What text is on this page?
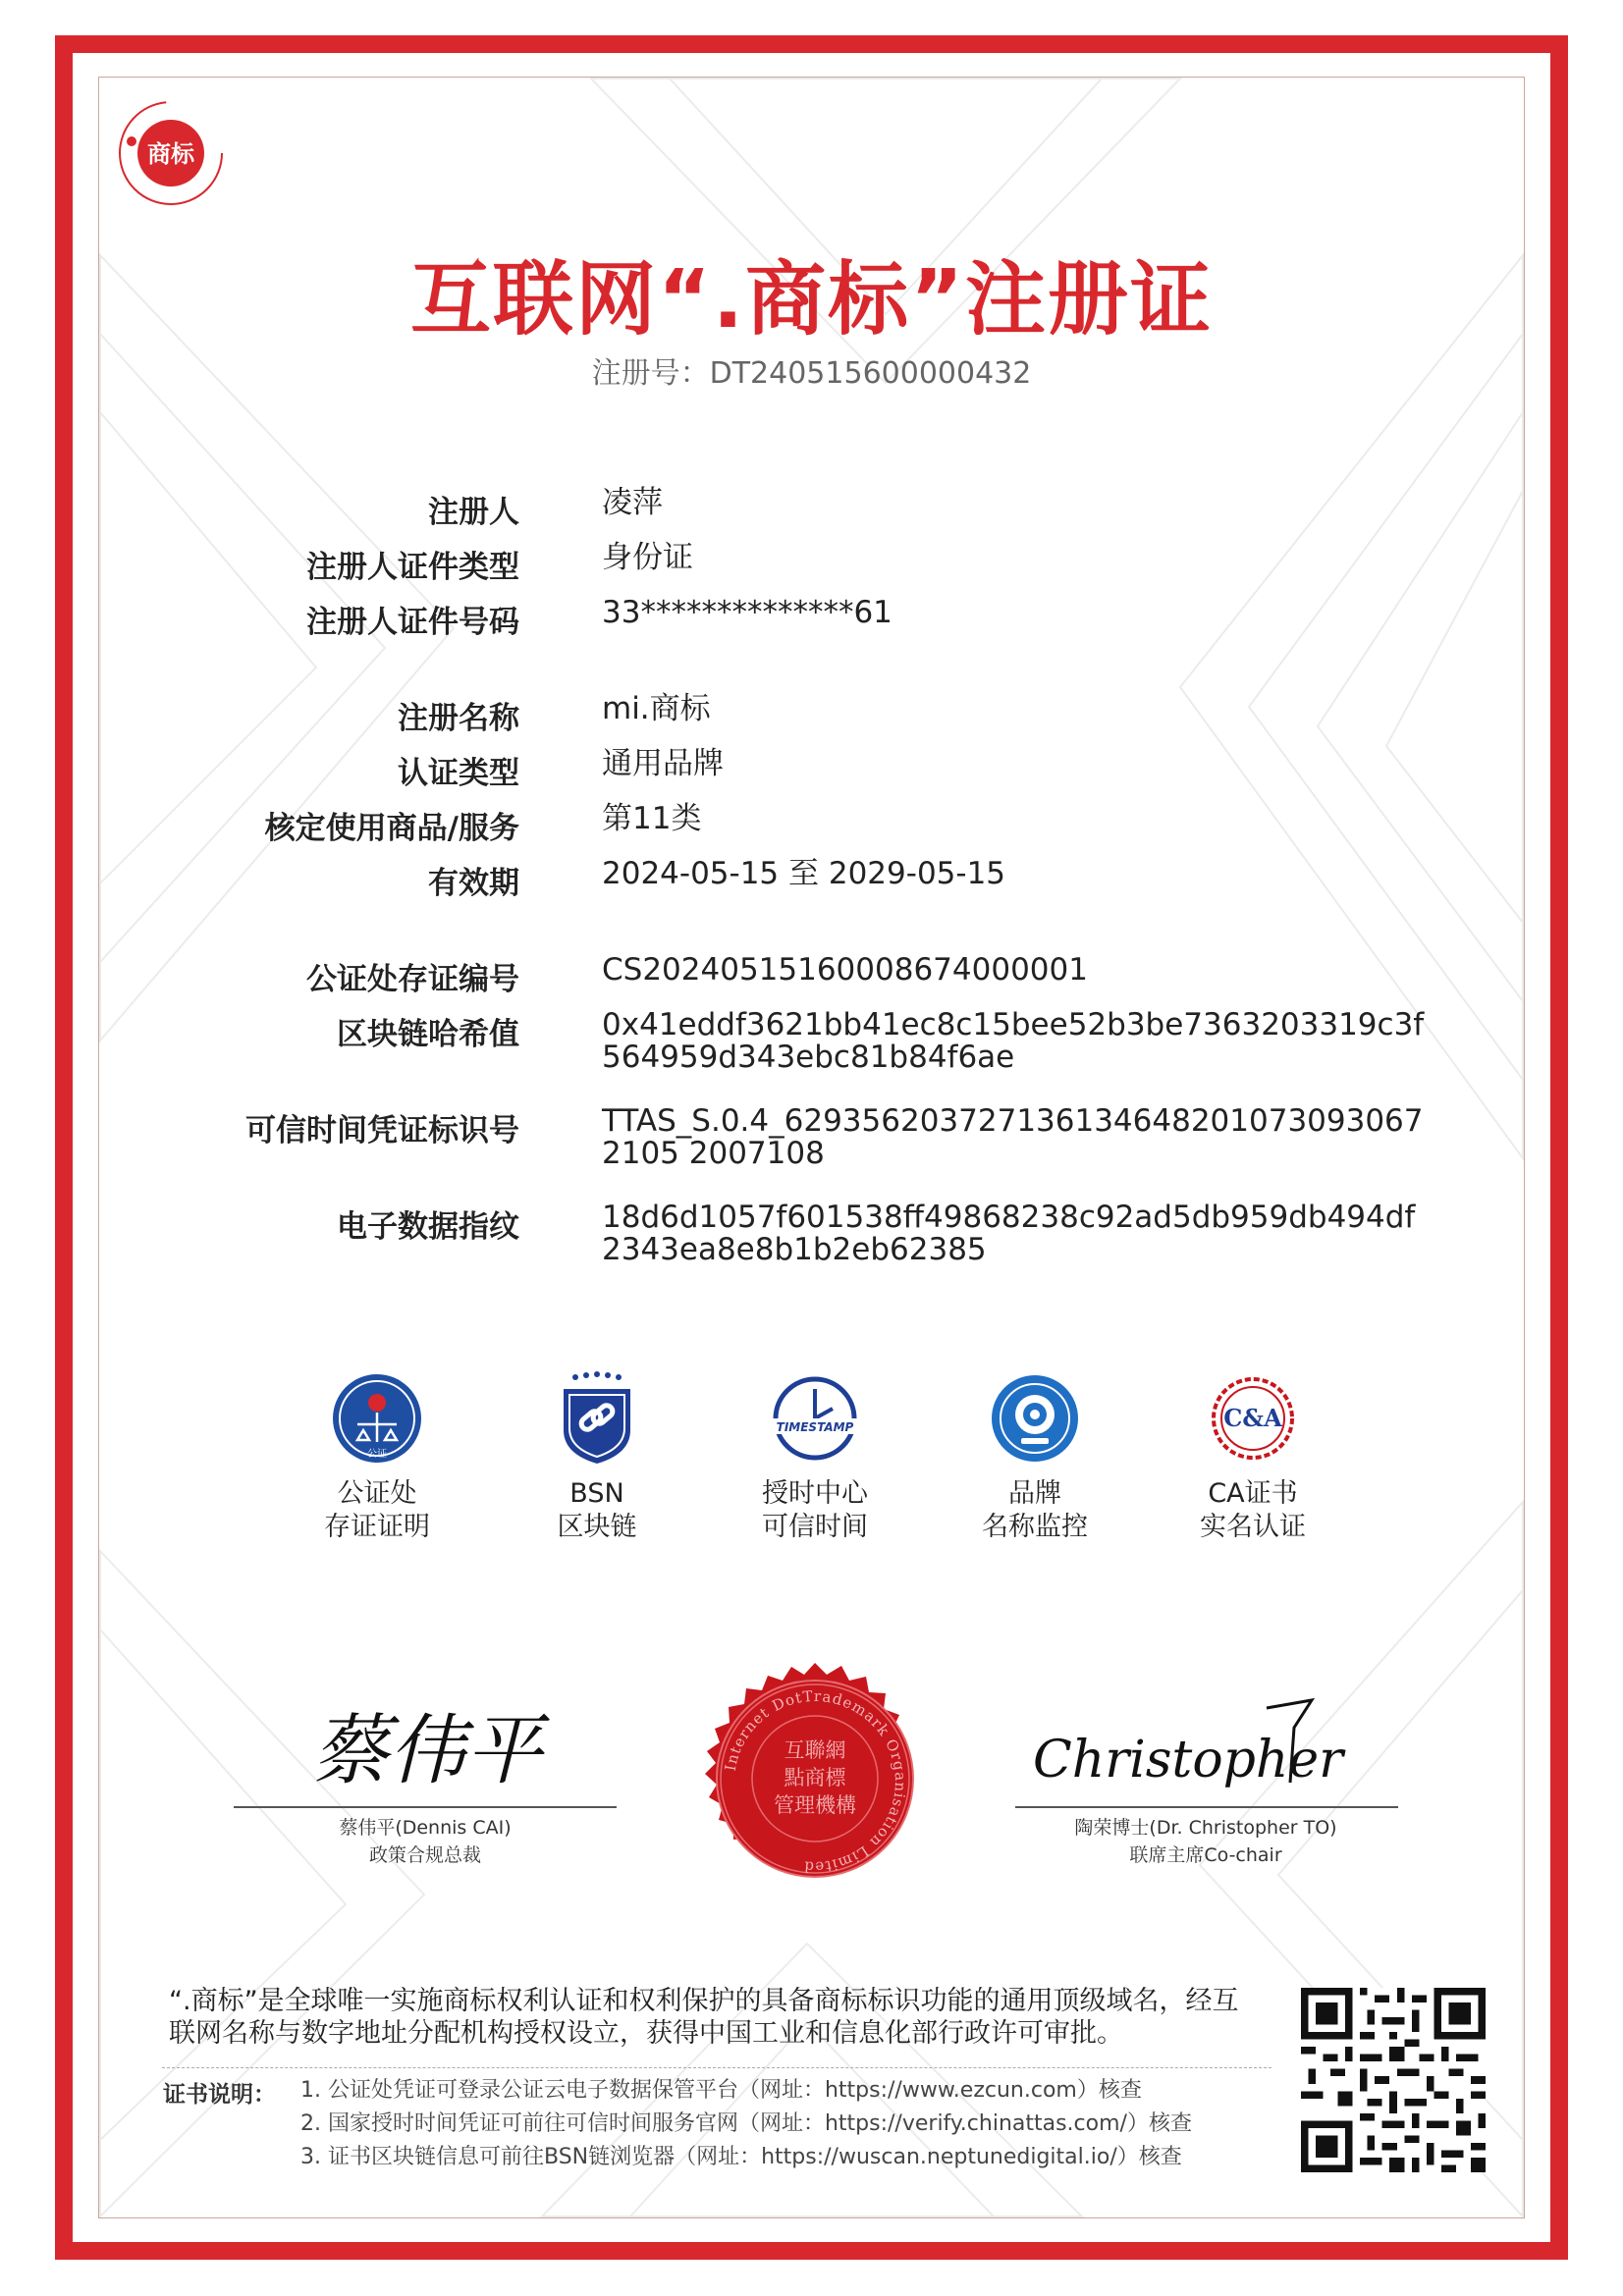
商标
互联网“.商标”注册证
注册号：DT240515600000432
注册人	凌萍
注册人证件类型	身份证
注册人证件号码	33**************61
注册名称	mi.商标
认证类型	通用品牌
核定使用商品/服务	第11类
有效期	2024-05-15 至 2029-05-15
公证处存证编号	CS20240515160008674000001
区块链哈希值	0x41eddf3621bb41ec8c15bee52b3be7363203319c3f564959d343ebc81b84f6ae
可信时间凭证标识号	TTAS_S.0.4_6293562037271361346482010730930672105 2007108
电子数据指纹	18d6d1057f601538ff49868238c92ad5db959db494df2343ea8e8b1b2eb62385
公证
公证处
存证证明
BSN
区块链
TIMESTAMP
授时中心
可信时间
品牌
名称监控
C&A
CA证书
实名认证
蔡伟平
蔡伟平(Dennis CAI)
政策合规总裁
Christopher
陶荣博士(Dr. Christopher TO)
联席主席Co-chair
Internet DotTrademark Organisation Limited
互聯網
點商標
管理機構
“.商标”是全球唯一实施商标权利认证和权利保护的具备商标标识功能的通用顶级域名，经互联网名称与数字地址分配机构授权设立，获得中国工业和信息化部行政许可审批。
证书说明： 1. 公证处凭证可登录公证云电子数据保管平台（网址：https://www.ezcun.com）核查
2. 国家授时时间凭证可前往可信时间服务官网（网址：https://verify.chinattas.com/）核查
3. 证书区块链信息可前往BSN链浏览器（网址：https://wuscan.neptunedigital.io/）核查
